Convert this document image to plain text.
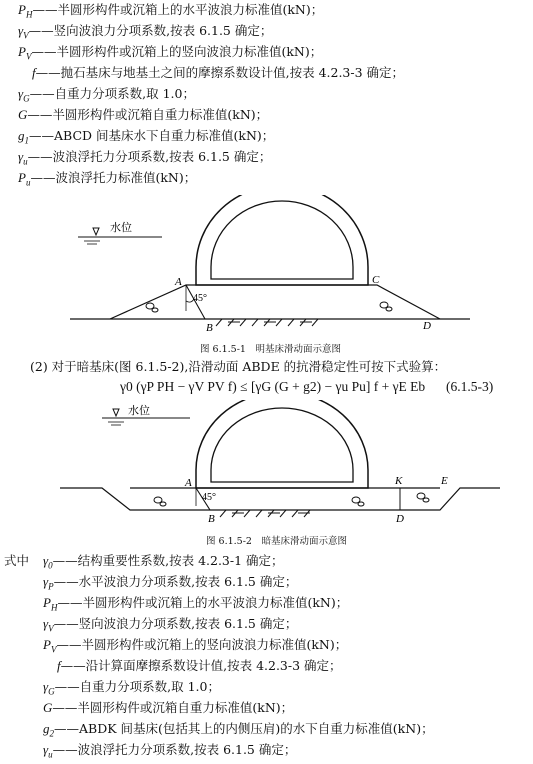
$P_H——$半圆形构件或沉箱上的水平波浪力标准值(kN)；
$\gamma_V——$竖向波浪力分项系数,按表 6.1.5 确定；
$P_V——$半圆形构件或沉箱上的竖向波浪力标准值(kN)；
f——抛石基床与地基土之间的摩擦系数设计值,按表 4.2.3-3 确定；
$\gamma_G——$自重力分项系数,取 1.0；
G——半圆形构件或沉箱自重力标准值(kN)；
$g_1——ABCD$ 间基床水下自重力标准值(kN)；
$\gamma_u——$波浪浮托力分项系数,按表 6.1.5 确定；
$P_u——$波浪浮托力标准值(kN)；
水位
45°
A
B
C
D
图 6.1.5-1　明基床滑动面示意图
(2) 对于暗基床(图 6.1.5-2),沿滑动面 ABDE 的抗滑稳定性可按下式验算：
γ0 (γP PH − γV PV f) ≤ [γG (G + g2) − γu Pu] f + γE Eb (6.1.5-3)
水位
45°
A
B
K	E
D
图 6.1.5-2　暗基床滑动面示意图
式中 $\gamma_0——$结构重要性系数,按表 4.2.3-1 确定；
$\gamma_P——$水平波浪力分项系数,按表 6.1.5 确定；
$P_H——$半圆形构件或沉箱上的水平波浪力标准值(kN)；
$\gamma_V——$竖向波浪力分项系数,按表 6.1.5 确定；
$P_V——$半圆形构件或沉箱上的竖向波浪力标准值(kN)；
f——沿计算面摩擦系数设计值,按表 4.2.3-3 确定；
$\gamma_G——$自重力分项系数,取 1.0；
G——半圆形构件或沉箱自重力标准值(kN)；
$g_2——ABDK$ 间基床(包括其上的内侧压肩)的水下自重力标准值(kN)；
$\gamma_u——$波浪浮托力分项系数,按表 6.1.5 确定；
